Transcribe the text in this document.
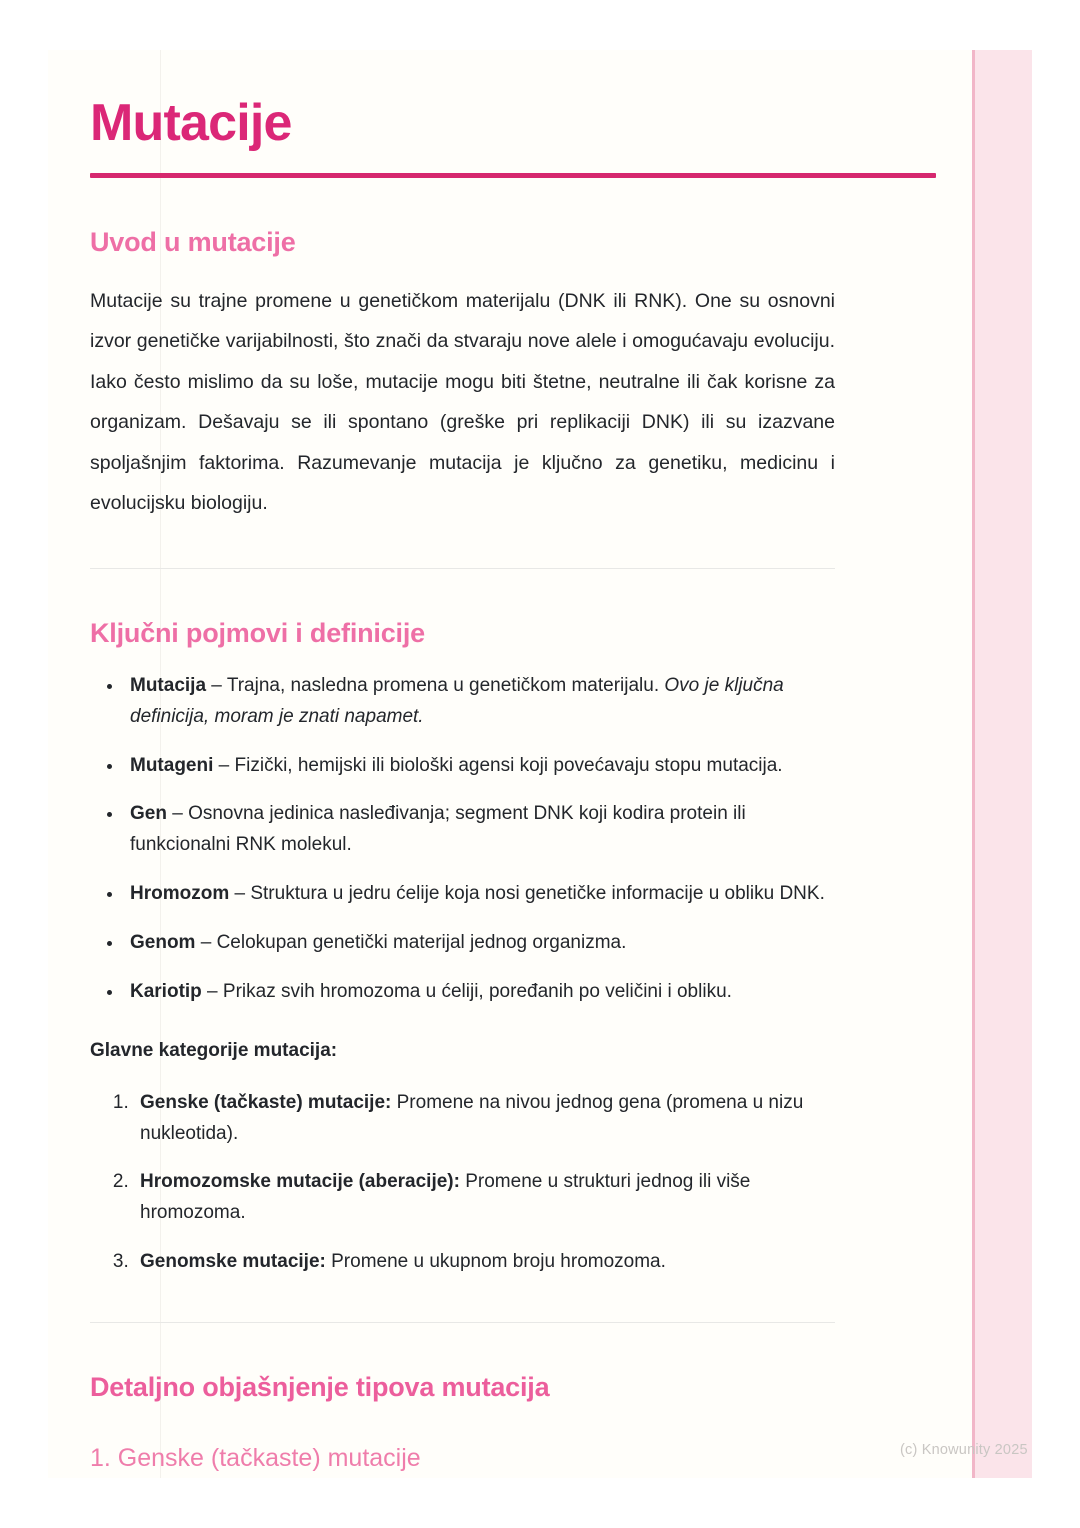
Mutacije
Uvod u mutacije

Mutacije su trajne promene u genetičkom materijalu (DNK ili RNK). One su osnovni izvor genetičke varijabilnosti, što znači da stvaraju nove alele i omogućavaju evoluciju. Iako često mislimo da su loše, mutacije mogu biti štetne, neutralne ili čak korisne za organizam. Dešavaju se ili spontano (greške pri replikaciji DNK) ili su izazvane spoljašnjim faktorima. Razumevanje mutacija je ključno za genetiku, medicinu i evolucijsku biologiju.

Ključni pojmovi i definicije
• Mutacija – Trajna, nasledna promena u genetičkom materijalu. Ovo je ključna definicija, moram je znati napamet.
• Mutageni – Fizički, hemijski ili biološki agensi koji povećavaju stopu mutacija.
• Gen – Osnovna jedinica nasleđivanja; segment DNK koji kodira protein ili funkcionalni RNK molekul.
• Hromozom – Struktura u jedru ćelije koja nosi genetičke informacije u obliku DNK.
• Genom – Celokupan genetički materijal jednog organizma.
• Kariotip – Prikaz svih hromozoma u ćeliji, poređanih po veličini i obliku.

Glavne kategorije mutacija:

1. Genske (tačkaste) mutacije: Promene na nivou jednog gena (promena u nizu nukleotida).
2. Hromozomske mutacije (aberacije): Promene u strukturi jednog ili više hromozoma.
3. Genomske mutacije: Promene u ukupnom broju hromozoma.
Detaljno objašnjenje tipova mutacija
1. Genske (tačkaste) mutacije	(c) Knowunity 2025
